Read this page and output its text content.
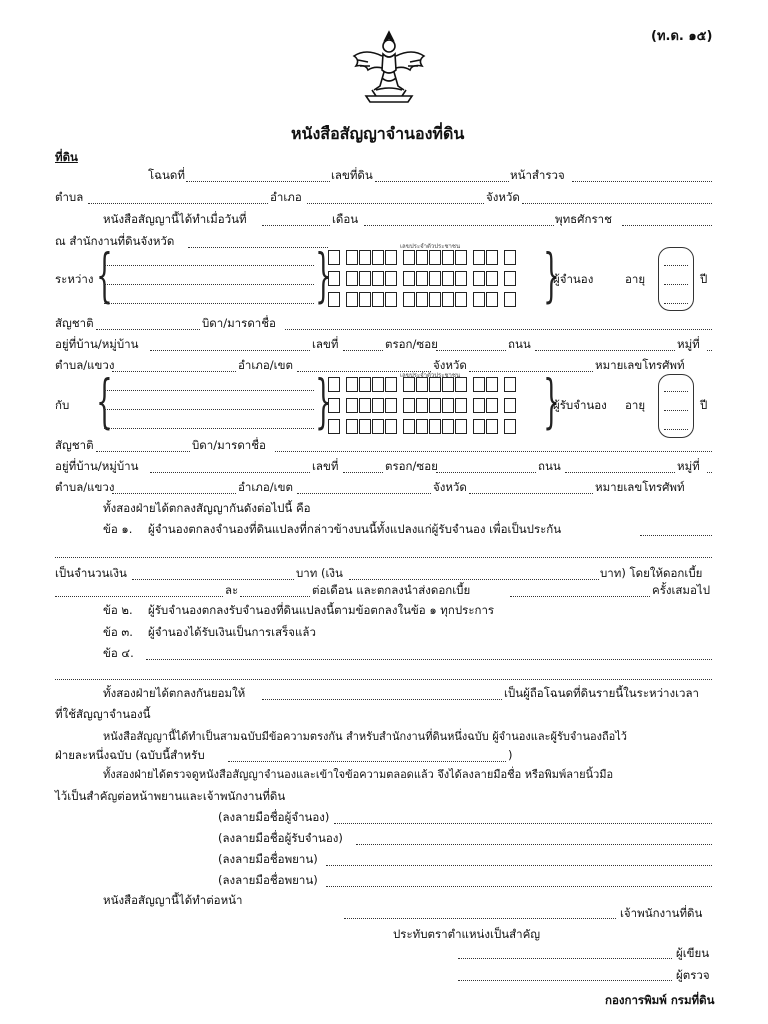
(ท.ด. ๑๕)
หนังสือสัญญาจำนองที่ดิน
ที่ดิน
โฉนดที่	เลขที่ดิน	หน้าสำรวจ
ตำบล	อำเภอ	จังหวัด
หนังสือสัญญานี้ได้ทำเมื่อวันที่	เดือน	พุทธศักราช
ณ สำนักงานที่ดินจังหวัด
ระหว่าง {	}	เลขประจำตัวประชาชน }
ผู้จำนอง	อายุ	ปี
สัญชาติ	บิดา/มารดาชื่อ
อยู่ที่บ้าน/หมู่บ้าน	เลขที่	ตรอก/ซอย	ถนน	หมู่ที่
ตำบล/แขวง	อำเภอ/เขต	จังหวัด	หมายเลขโทรศัพท์
กับ {	}	เลขประจำตัวประชาชน }
ผู้รับจำนอง อายุ	ปี
สัญชาติ	บิดา/มารดาชื่อ
อยู่ที่บ้าน/หมู่บ้าน	เลขที่	ตรอก/ซอย	ถนน	หมู่ที่
ตำบล/แขวง	อำเภอ/เขต	จังหวัด	หมายเลขโทรศัพท์
ทั้งสองฝ่ายได้ตกลงสัญญากันดังต่อไปนี้ คือ
ข้อ ๑. ผู้จำนองตกลงจำนองที่ดินแปลงที่กล่าวข้างบนนี้ทั้งแปลงแก่ผู้รับจำนอง เพื่อเป็นประกัน
เป็นจำนวนเงิน	บาท (เงิน	บาท) โดยให้ดอกเบี้ย
ละ	ต่อเดือน และตกลงนำส่งดอกเบี้ย	ครั้งเสมอไป
ข้อ ๒. ผู้รับจำนองตกลงรับจำนองที่ดินแปลงนี้ตามข้อตกลงในข้อ ๑ ทุกประการ
ข้อ ๓. ผู้จำนองได้รับเงินเป็นการเสร็จแล้ว
ข้อ ๔.
ทั้งสองฝ่ายได้ตกลงกันยอมให้	เป็นผู้ถือโฉนดที่ดินรายนี้ในระหว่างเวลา
ที่ใช้สัญญาจำนองนี้
หนังสือสัญญานี้ได้ทำเป็นสามฉบับมีข้อความตรงกัน สำหรับสำนักงานที่ดินหนึ่งฉบับ ผู้จำนองและผู้รับจำนองถือไว้
ฝ่ายละหนึ่งฉบับ (ฉบับนี้สำหรับ	)
ทั้งสองฝ่ายได้ตรวจดูหนังสือสัญญาจำนองและเข้าใจข้อความตลอดแล้ว จึงได้ลงลายมือชื่อ หรือพิมพ์ลายนิ้วมือ
ไว้เป็นสำคัญต่อหน้าพยานและเจ้าพนักงานที่ดิน
(ลงลายมือชื่อผู้จำนอง)
(ลงลายมือชื่อผู้รับจำนอง)
(ลงลายมือชื่อพยาน)
(ลงลายมือชื่อพยาน)
หนังสือสัญญานี้ได้ทำต่อหน้า
เจ้าพนักงานที่ดิน
ประทับตราตำแหน่งเป็นสำคัญ
ผู้เขียน
ผู้ตรวจ
กองการพิมพ์ กรมที่ดิน
